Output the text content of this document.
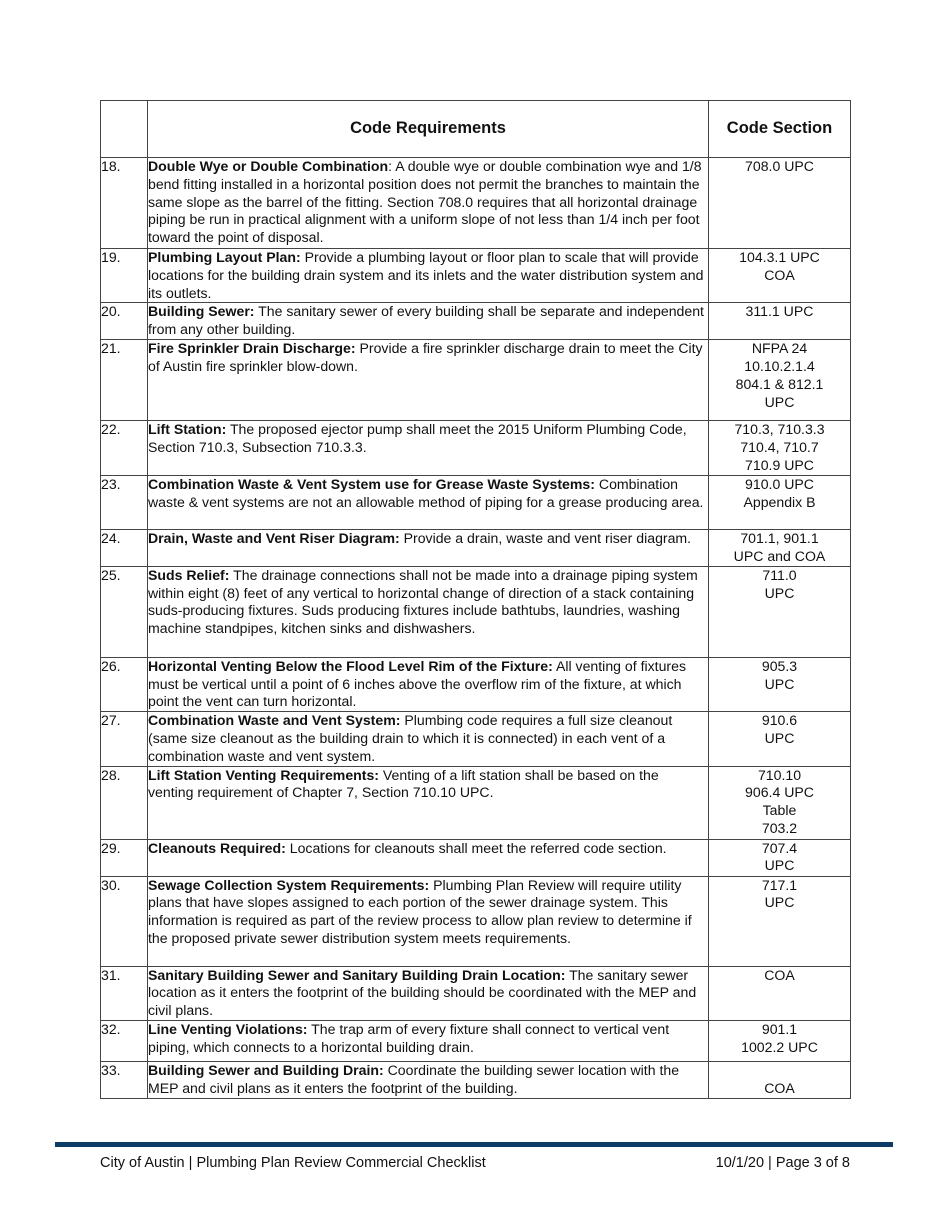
	Code Requirements	Code Section
18.	Double Wye or Double Combination: A double wye or double combination wye and 1/8 bend fitting installed in a horizontal position does not permit the branches to maintain the same slope as the barrel of the fitting. Section 708.0 requires that all horizontal drainage piping be run in practical alignment with a uniform slope of not less than 1/4 inch per foot toward the point of disposal.	708.0 UPC

19.	Plumbing Layout Plan: Provide a plumbing layout or floor plan to scale that will provide locations for the building drain system and its inlets and the water distribution system and its outlets.	104.3.1 UPC
COA

20.	Building Sewer: The sanitary sewer of every building shall be separate and independent from any other building.	311.1 UPC

21.	Fire Sprinkler Drain Discharge: Provide a fire sprinkler discharge drain to meet the City of Austin fire sprinkler blow-down.	NFPA 24
10.10.2.1.4
804.1 & 812.1
UPC

22.	Lift Station: The proposed ejector pump shall meet the 2015 Uniform Plumbing Code, Section 710.3, Subsection 710.3.3.	710.3, 710.3.3
710.4, 710.7
710.9 UPC

23.	Combination Waste & Vent System use for Grease Waste Systems: Combination waste & vent systems are not an allowable method of piping for a grease producing area.	910.0 UPC
Appendix B

24.	Drain, Waste and Vent Riser Diagram: Provide a drain, waste and vent riser diagram.	701.1, 901.1
UPC and COA

25.	Suds Relief: The drainage connections shall not be made into a drainage piping system within eight (8) feet of any vertical to horizontal change of direction of a stack containing suds-producing fixtures. Suds producing fixtures include bathtubs, laundries, washing machine standpipes, kitchen sinks and dishwashers.	711.0
UPC

26.	Horizontal Venting Below the Flood Level Rim of the Fixture: All venting of fixtures must be vertical until a point of 6 inches above the overflow rim of the fixture, at which point the vent can turn horizontal.	905.3
UPC

27.	Combination Waste and Vent System: Plumbing code requires a full size cleanout (same size cleanout as the building drain to which it is connected) in each vent of a combination waste and vent system.	910.6
UPC

28.	Lift Station Venting Requirements: Venting of a lift station shall be based on the venting requirement of Chapter 7, Section 710.10 UPC.	710.10
906.4 UPC
Table
703.2

29.	Cleanouts Required: Locations for cleanouts shall meet the referred code section.	707.4
UPC

30.	Sewage Collection System Requirements: Plumbing Plan Review will require utility plans that have slopes assigned to each portion of the sewer drainage system. This information is required as part of the review process to allow plan review to determine if the proposed private sewer distribution system meets requirements.	717.1
UPC

31.	Sanitary Building Sewer and Sanitary Building Drain Location: The sanitary sewer location as it enters the footprint of the building should be coordinated with the MEP and civil plans.	COA

32.	Line Venting Violations: The trap arm of every fixture shall connect to vertical vent piping, which connects to a horizontal building drain.	901.1
1002.2 UPC

33.	Building Sewer and Building Drain: Coordinate the building sewer location with the MEP and civil plans as it enters the footprint of the building.	COA
City of Austin | Plumbing Plan Review Commercial Checklist	10/1/20 | Page 3 of 8
